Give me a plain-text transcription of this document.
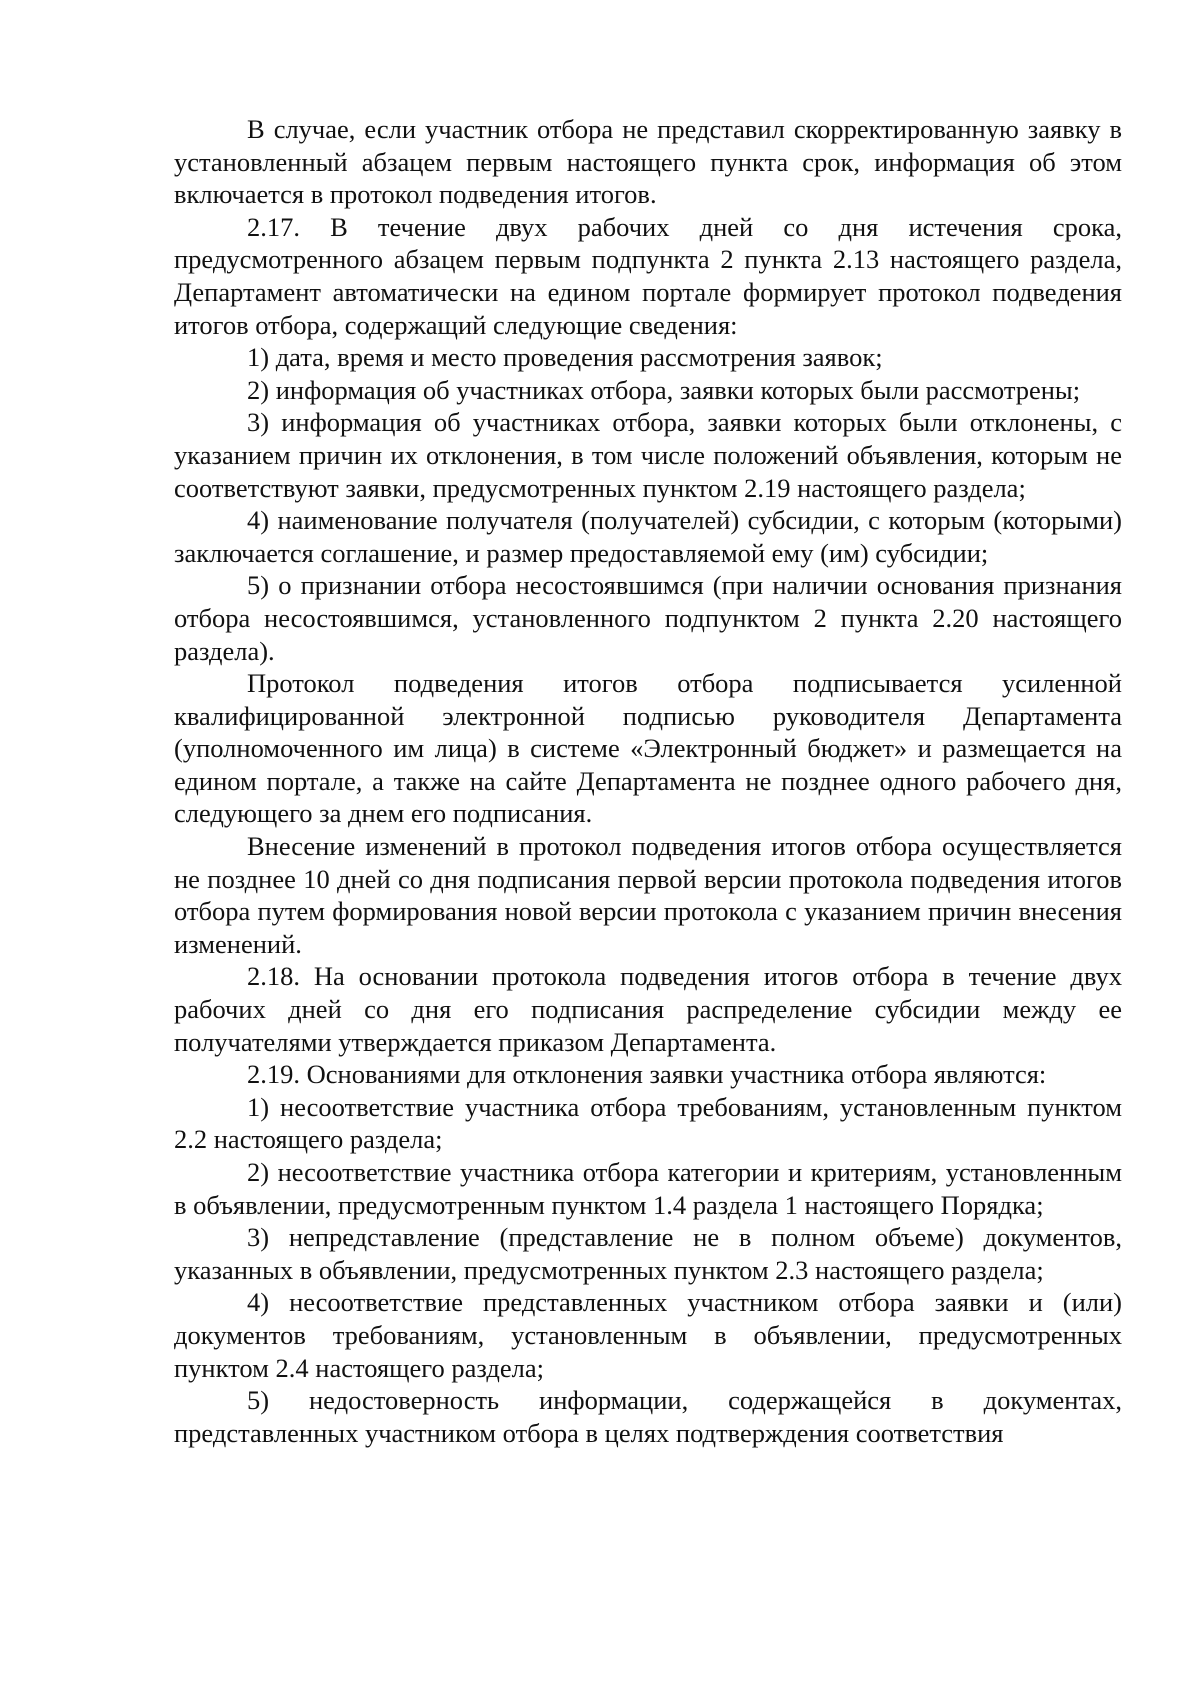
В случае, если участник отбора не представил скорректированную заявку в установленный абзацем первым настоящего пункта срок, информация об этом включается в протокол подведения итогов.

2.17. В течение двух рабочих дней со дня истечения срока, предусмотренного абзацем первым подпункта 2 пункта 2.13 настоящего раздела, Департамент автоматически на едином портале формирует протокол подведения итогов отбора, содержащий следующие сведения:

1) дата, время и место проведения рассмотрения заявок;

2) информация об участниках отбора, заявки которых были рассмотрены;

3) информация об участниках отбора, заявки которых были отклонены, с указанием причин их отклонения, в том числе положений объявления, которым не соответствуют заявки, предусмотренных пунктом 2.19 настоящего раздела;

4) наименование получателя (получателей) субсидии, с которым (которыми) заключается соглашение, и размер предоставляемой ему (им) субсидии;

5) о признании отбора несостоявшимся (при наличии основания признания отбора несостоявшимся, установленного подпунктом 2 пункта 2.20 настоящего раздела).

Протокол подведения итогов отбора подписывается усиленной квалифицированной электронной подписью руководителя Департамента (уполномоченного им лица) в системе «Электронный бюджет» и размещается на едином портале, а также на сайте Департамента не позднее одного рабочего дня, следующего за днем его подписания.

Внесение изменений в протокол подведения итогов отбора осуществляется не позднее 10 дней со дня подписания первой версии протокола подведения итогов отбора путем формирования новой версии протокола с указанием причин внесения изменений.

2.18. На основании протокола подведения итогов отбора в течение двух рабочих дней со дня его подписания распределение субсидии между ее получателями утверждается приказом Департамента.

2.19. Основаниями для отклонения заявки участника отбора являются:

1) несоответствие участника отбора требованиям, установленным пунктом 2.2 настоящего раздела;

2) несоответствие участника отбора категории и критериям, установленным в объявлении, предусмотренным пунктом 1.4 раздела 1 настоящего Порядка;

3) непредставление (представление не в полном объеме) документов, указанных в объявлении, предусмотренных пунктом 2.3 настоящего раздела;

4) несоответствие представленных участником отбора заявки и (или) документов требованиям, установленным в объявлении, предусмотренных пунктом 2.4 настоящего раздела;

5) недостоверность информации, содержащейся в документах, представленных участником отбора в целях подтверждения соответствия
